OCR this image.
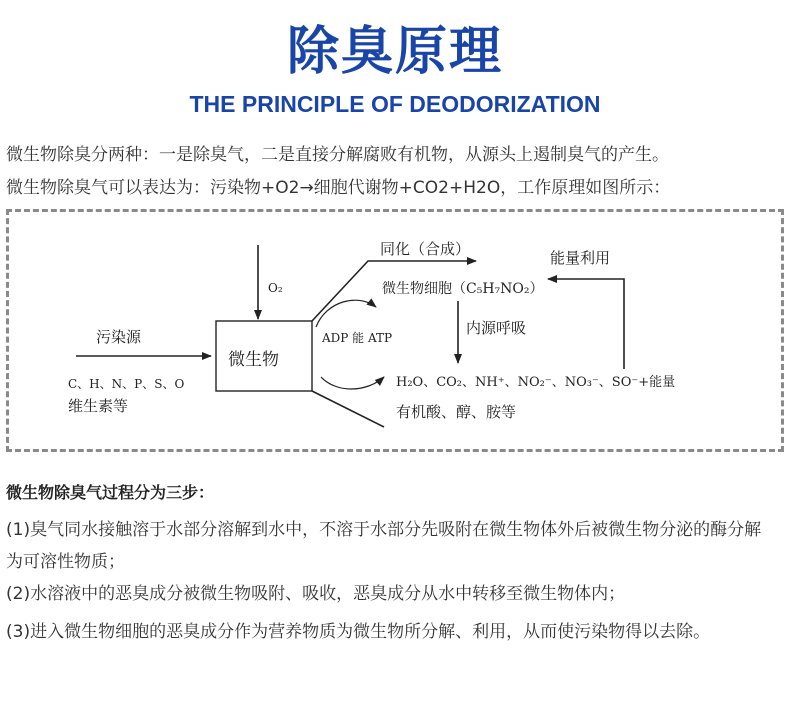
除臭原理
THE PRINCIPLE OF DEODORIZATION
微生物除臭分两种：一是除臭气，二是直接分解腐败有机物，从源头上遏制臭气的产生。
微生物除臭气可以表达为：污染物+O2→细胞代谢物+CO2+H2O，工作原理如图所示：
O₂
同化（合成）	能量利用
微生物细胞（C₅H₇NO₂）
内源呼吸
污染源
微生物
ADP 能 ATP
C、H、N、P、S、O
维生素等
H₂O、CO₂、NH⁺、NO₂⁻、NO₃⁻、SO⁻+能量
有机酸、醇、胺等
微生物除臭气过程分为三步：
(1)臭气同水接触溶于水部分溶解到水中，不溶于水部分先吸附在微生物体外后被微生物分泌的酶分解为可溶性物质；
(2)水溶液中的恶臭成分被微生物吸附、吸收，恶臭成分从水中转移至微生物体内；
(3)进入微生物细胞的恶臭成分作为营养物质为微生物所分解、利用，从而使污染物得以去除。
